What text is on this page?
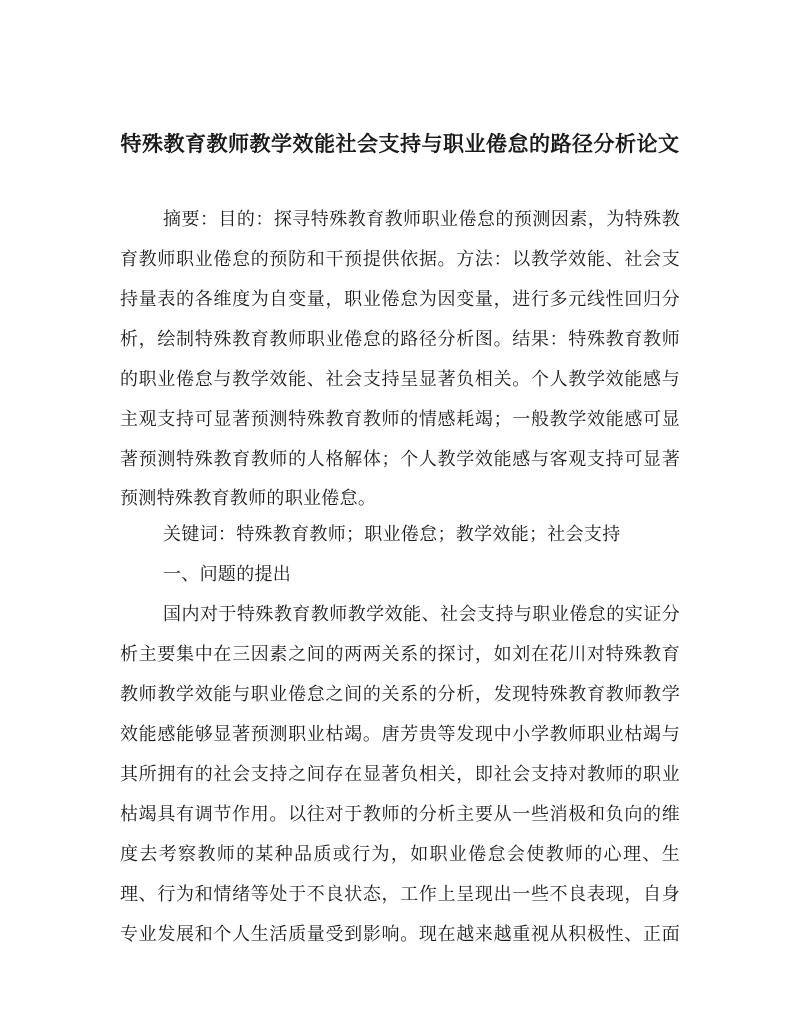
特殊教育教师教学效能社会支持与职业倦怠的路径分析论文
摘要：目的：探寻特殊教育教师职业倦怠的预测因素，为特殊教
育教师职业倦怠的预防和干预提供依据。方法：以教学效能、社会支
持量表的各维度为自变量，职业倦怠为因变量，进行多元线性回归分
析，绘制特殊教育教师职业倦怠的路径分析图。结果：特殊教育教师
的职业倦怠与教学效能、社会支持呈显著负相关。个人教学效能感与
主观支持可显著预测特殊教育教师的情感耗竭；一般教学效能感可显
著预测特殊教育教师的人格解体；个人教学效能感与客观支持可显著
预测特殊教育教师的职业倦怠。
关键词：特殊教育教师；职业倦怠；教学效能；社会支持
一、问题的提出
国内对于特殊教育教师教学效能、社会支持与职业倦怠的实证分
析主要集中在三因素之间的两两关系的探讨，如刘在花川对特殊教育
教师教学效能与职业倦怠之间的关系的分析，发现特殊教育教师教学
效能感能够显著预测职业枯竭。唐芳贵等发现中小学教师职业枯竭与
其所拥有的社会支持之间存在显著负相关，即社会支持对教师的职业
枯竭具有调节作用。以往对于教师的分析主要从一些消极和负向的维
度去考察教师的某种品质或行为，如职业倦怠会使教师的心理、生
理、行为和情绪等处于不良状态，工作上呈现出一些不良表现，自身
专业发展和个人生活质量受到影响。现在越来越重视从积极性、正面
